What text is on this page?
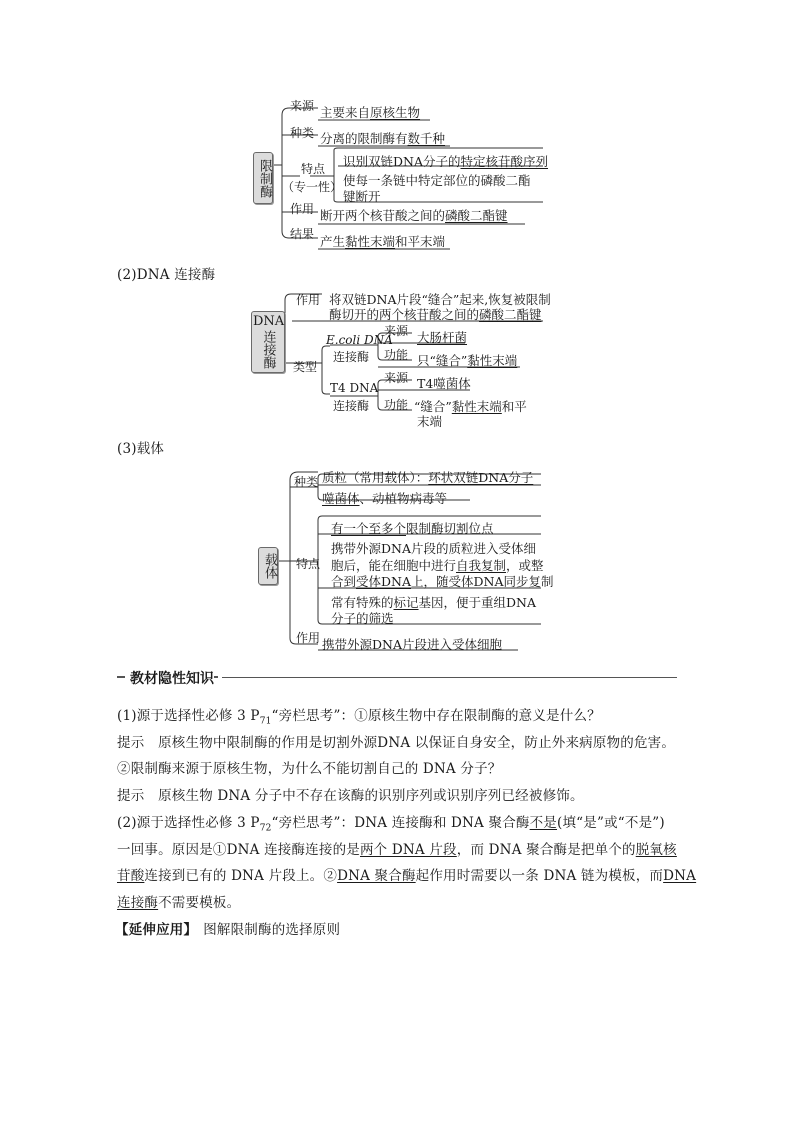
限制酶
来源 主要来自原核生物
种类 分离的限制酶有数千种
特点
（专一性）
识别双链DNA分子的特定核苷酸序列
使每一条链中特定部位的磷酸二酯
键断开
作用 断开两个核苷酸之间的磷酸二酯键
结果 产生黏性末端和平末端
(2)DNA 连接酶
DNA
连接酶
作用 将双链DNA片段“缝合”起来,恢复被限制
酶切开的两个核苷酸之间的磷酸二酯键
类型
E.coli DNA
连接酶
来源 大肠杆菌
功能 只“缝合”黏性末端
T4 DNA
连接酶
来源 T4噬菌体
功能 “缝合”黏性末端和平
末端
(3)载体
载体
种类 质粒（常用载体）：环状双链DNA分子
噬菌体、动植物病毒等
特点
有一个至多个限制酶切割位点
携带外源DNA片段的质粒进入受体细
胞后，能在细胞中进行自我复制，或整
合到受体DNA上，随受体DNA同步复制
常有特殊的标记基因，便于重组DNA
分子的筛选
作用 携带外源DNA片段进入受体细胞
教材隐性知识
(1)源于选择性必修 3 $P_{71}“$旁栏思考”：①原核生物中存在限制酶的意义是什么？
提示　原核生物中限制酶的作用是切割外源DNA 以保证自身安全，防止外来病原物的危害。
②限制酶来源于原核生物，为什么不能切割自己的 DNA 分子？
提示　原核生物 DNA 分子中不存在该酶的识别序列或识别序列已经被修饰。
(2)源于选择性必修 3 $P_{72}“$旁栏思考”：DNA 连接酶和 DNA 聚合酶不是(填“是”或“不是”)
一回事。原因是①DNA 连接酶连接的是两个 DNA 片段，而 DNA 聚合酶是把单个的脱氧核
苷酸连接到已有的 DNA 片段上。②DNA 聚合酶起作用时需要以一条 DNA 链为模板，而DNA
连接酶不需要模板。
【延伸应用】 图解限制酶的选择原则
